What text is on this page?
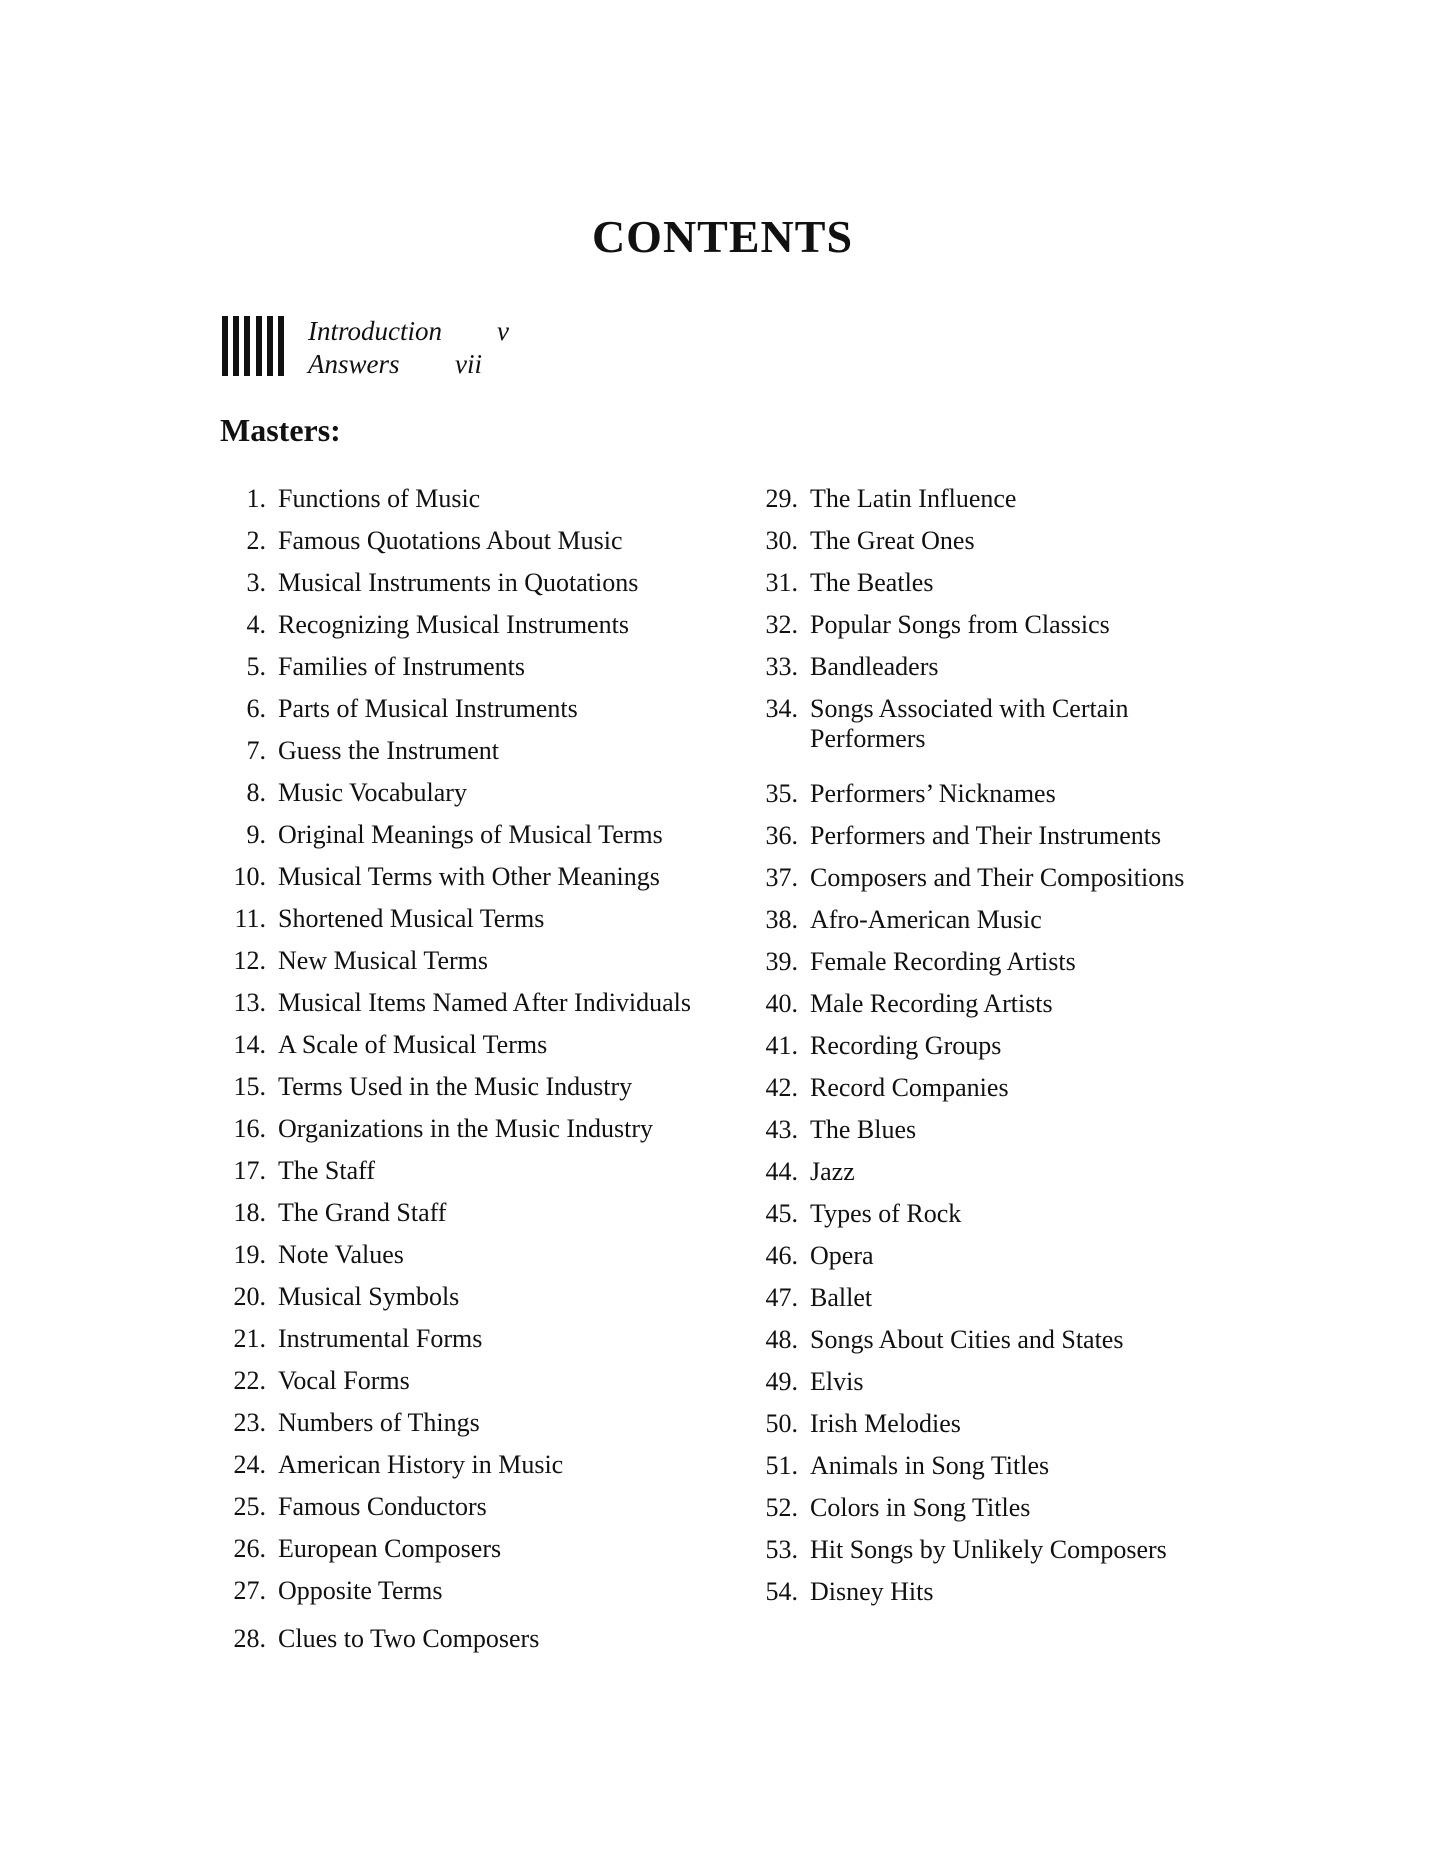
CONTENTS
Introduction v
Answers vii
Masters:
1. Functions of Music
2. Famous Quotations About Music
3. Musical Instruments in Quotations
4. Recognizing Musical Instruments
5. Families of Instruments
6. Parts of Musical Instruments
7. Guess the Instrument
8. Music Vocabulary
9. Original Meanings of Musical Terms
10. Musical Terms with Other Meanings
11. Shortened Musical Terms
12. New Musical Terms
13. Musical Items Named After Individuals
14. A Scale of Musical Terms
15. Terms Used in the Music Industry
16. Organizations in the Music Industry
17. The Staff
18. The Grand Staff
19. Note Values
20. Musical Symbols
21. Instrumental Forms
22. Vocal Forms
23. Numbers of Things
24. American History in Music
25. Famous Conductors
26. European Composers
27. Opposite Terms
28. Clues to Two Composers
29. The Latin Influence
30. The Great Ones
31. The Beatles
32. Popular Songs from Classics
33. Bandleaders
34. Songs Associated with Certain Performers
35. Performers’ Nicknames
36. Performers and Their Instruments
37. Composers and Their Compositions
38. Afro-American Music
39. Female Recording Artists
40. Male Recording Artists
41. Recording Groups
42. Record Companies
43. The Blues
44. Jazz
45. Types of Rock
46. Opera
47. Ballet
48. Songs About Cities and States
49. Elvis
50. Irish Melodies
51. Animals in Song Titles
52. Colors in Song Titles
53. Hit Songs by Unlikely Composers
54. Disney Hits
